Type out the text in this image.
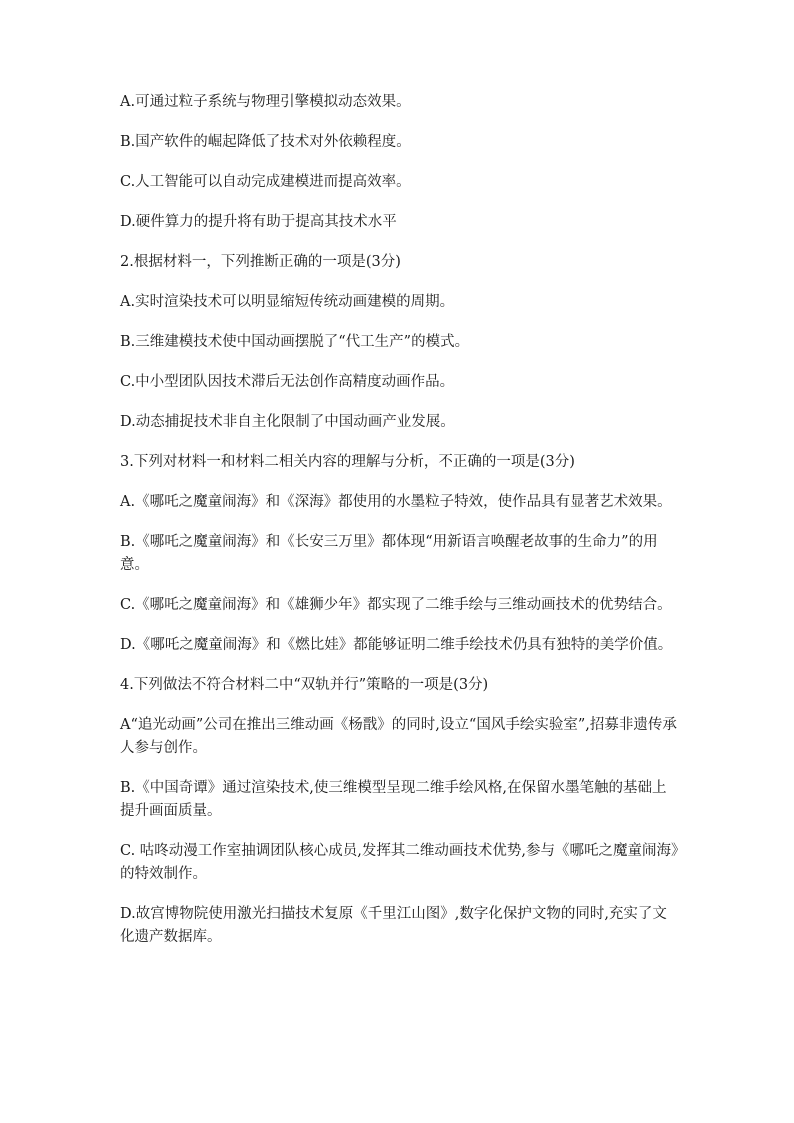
A.可通过粒子系统与物理引擎模拟动态效果。

B.国产软件的崛起降低了技术对外依赖程度。

C.人工智能可以自动完成建模进而提高效率。

D.硬件算力的提升将有助于提高其技术水平

2.根据材料一，下列推断正确的一项是(3分)

A.实时渲染技术可以明显缩短传统动画建模的周期。

B.三维建模技术使中国动画摆脱了“代工生产”的模式。

C.中小型团队因技术滞后无法创作高精度动画作品。

D.动态捕捉技术非自主化限制了中国动画产业发展。

3.下列对材料一和材料二相关内容的理解与分析，不正确的一项是(3分)

A.《哪吒之魔童闹海》和《深海》都使用的水墨粒子特效，使作品具有显著艺术效果。

B.《哪吒之魔童闹海》和《长安三万里》都体现“用新语言唤醒老故事的生命力”的用意。

C.《哪吒之魔童闹海》和《雄狮少年》都实现了二维手绘与三维动画技术的优势结合。

D.《哪吒之魔童闹海》和《燃比娃》都能够证明二维手绘技术仍具有独特的美学价值。

4.下列做法不符合材料二中“双轨并行”策略的一项是(3分)

A“追光动画”公司在推出三维动画《杨戬》的同时,设立“国风手绘实验室”,招募非遗传承人参与创作。

B.《中国奇谭》通过渲染技术,使三维模型呈现二维手绘风格,在保留水墨笔触的基础上提升画面质量。

C. 咕咚动漫工作室抽调团队核心成员,发挥其二维动画技术优势,参与《哪吒之魔童闹海》的特效制作。

D.故宫博物院使用激光扫描技术复原《千里江山图》,数字化保护文物的同时,充实了文化遗产数据库。
